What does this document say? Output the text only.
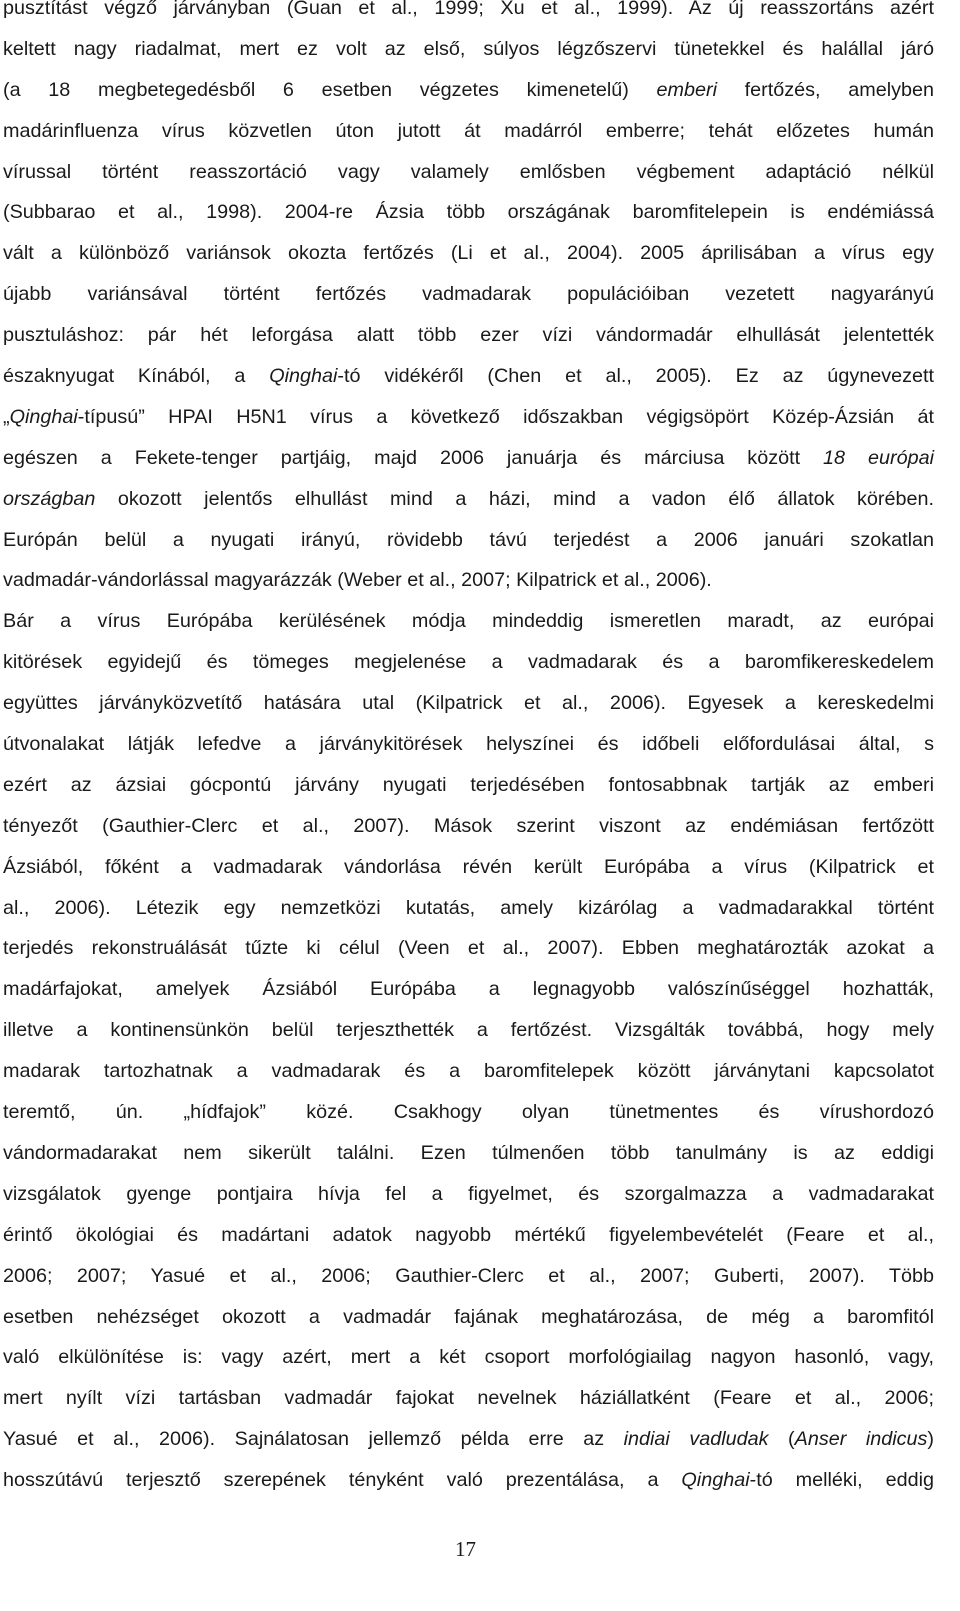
pusztítást végző járványban (Guan et al., 1999; Xu et al., 1999). Az új reasszortáns azért
keltett nagy riadalmat, mert ez volt az első, súlyos légzőszervi tünetekkel és halállal járó
(a 18 megbetegedésből 6 esetben végzetes kimenetelű) emberi fertőzés, amelyben
madárinfluenza vírus közvetlen úton jutott át madárról emberre; tehát előzetes humán
vírussal történt reasszortáció vagy valamely emlősben végbement adaptáció nélkül
(Subbarao et al., 1998). 2004-re Ázsia több országának baromfitelepein is endémiássá
vált a különböző variánsok okozta fertőzés (Li et al., 2004). 2005 áprilisában a vírus egy
újabb variánsával történt fertőzés vadmadarak populációiban vezetett nagyarányú
pusztuláshoz: pár hét leforgása alatt több ezer vízi vándormadár elhullását jelentették
északnyugat Kínából, a Qinghai-tó vidékéről (Chen et al., 2005). Ez az úgynevezett
„Qinghai-típusú” HPAI H5N1 vírus a következő időszakban végigsöpört Közép-Ázsián át
egészen a Fekete-tenger partjáig, majd 2006 januárja és márciusa között 18 európai
országban okozott jelentős elhullást mind a házi, mind a vadon élő állatok körében.
Európán belül a nyugati irányú, rövidebb távú terjedést a 2006 januári szokatlan
vadmadár-vándorlással magyarázzák (Weber et al., 2007; Kilpatrick et al., 2006).
Bár a vírus Európába kerülésének módja mindeddig ismeretlen maradt, az európai
kitörések egyidejű és tömeges megjelenése a vadmadarak és a baromfikereskedelem
együttes járványközvetítő hatására utal (Kilpatrick et al., 2006). Egyesek a kereskedelmi
útvonalakat látják lefedve a járványkitörések helyszínei és időbeli előfordulásai által, s
ezért az ázsiai gócpontú járvány nyugati terjedésében fontosabbnak tartják az emberi
tényezőt (Gauthier-Clerc et al., 2007). Mások szerint viszont az endémiásan fertőzött
Ázsiából, főként a vadmadarak vándorlása révén került Európába a vírus (Kilpatrick et
al., 2006). Létezik egy nemzetközi kutatás, amely kizárólag a vadmadarakkal történt
terjedés rekonstruálását tűzte ki célul (Veen et al., 2007). Ebben meghatározták azokat a
madárfajokat, amelyek Ázsiából Európába a legnagyobb valószínűséggel hozhatták,
illetve a kontinensünkön belül terjeszthették a fertőzést. Vizsgálták továbbá, hogy mely
madarak tartozhatnak a vadmadarak és a baromfitelepek között járványtani kapcsolatot
teremtő, ún. „hídfajok” közé. Csakhogy olyan tünetmentes és vírushordozó
vándormadarakat nem sikerült találni. Ezen túlmenően több tanulmány is az eddigi
vizsgálatok gyenge pontjaira hívja fel a figyelmet, és szorgalmazza a vadmadarakat
érintő ökológiai és madártani adatok nagyobb mértékű figyelembevételét (Feare et al.,
2006; 2007; Yasué et al., 2006; Gauthier-Clerc et al., 2007; Guberti, 2007). Több
esetben nehézséget okozott a vadmadár fajának meghatározása, de még a baromfitól
való elkülönítése is: vagy azért, mert a két csoport morfológiailag nagyon hasonló, vagy,
mert nyílt vízi tartásban vadmadár fajokat nevelnek háziállatként (Feare et al., 2006;
Yasué et al., 2006). Sajnálatosan jellemző példa erre az indiai vadludak (Anser indicus)
hosszútávú terjesztő szerepének tényként való prezentálása, a Qinghai-tó melléki, eddig
17
